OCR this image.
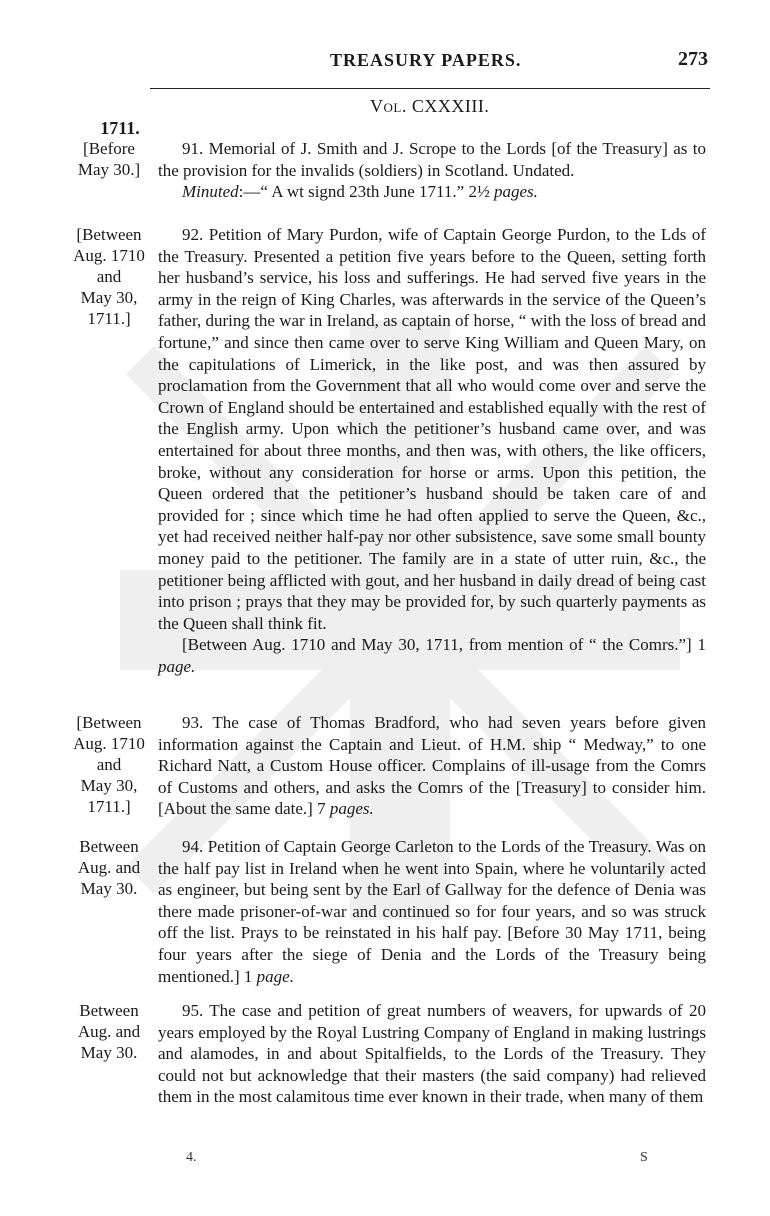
TREASURY PAPERS.	273
Vol. CXXXIII.
1711.
[Before
May 30.]

91. Memorial of J. Smith and J. Scrope to the Lords [of the Treasury] as to the provision for the invalids (soldiers) in Scotland. Undated.

Minuted:—“ A wt signd 23th June 1711.” 2½ pages.

[Between
Aug. 1710
and
May 30,
1711.]

92. Petition of Mary Purdon, wife of Captain George Purdon, to the Lds of the Treasury. Presented a petition five years before to the Queen, setting forth her husband’s service, his loss and sufferings. He had served five years in the army in the reign of King Charles, was afterwards in the service of the Queen’s father, during the war in Ireland, as captain of horse, “ with the loss of bread and fortune,” and since then came over to serve King William and Queen Mary, on the capitulations of Limerick, in the like post, and was then assured by proclamation from the Government that all who would come over and serve the Crown of England should be entertained and established equally with the rest of the English army. Upon which the petitioner’s husband came over, and was entertained for about three months, and then was, with others, the like officers, broke, without any consideration for horse or arms. Upon this petition, the Queen ordered that the petitioner’s husband should be taken care of and provided for ; since which time he had often applied to serve the Queen, &c., yet had received neither half-pay nor other subsistence, save some small bounty money paid to the petitioner. The family are in a state of utter ruin, &c., the petitioner being afflicted with gout, and her husband in daily dread of being cast into prison ; prays that they may be provided for, by such quarterly payments as the Queen shall think fit.

[Between Aug. 1710 and May 30, 1711, from mention of “ the Comrs.”] 1 page.

[Between
Aug. 1710
and
May 30,
1711.]

93. The case of Thomas Bradford, who had seven years before given information against the Captain and Lieut. of H.M. ship “ Medway,” to one Richard Natt, a Custom House officer. Complains of ill-usage from the Comrs of Customs and others, and asks the Comrs of the [Treasury] to consider him. [About the same date.] 7 pages.

Between
Aug. and
May 30.

94. Petition of Captain George Carleton to the Lords of the Treasury. Was on the half pay list in Ireland when he went into Spain, where he voluntarily acted as engineer, but being sent by the Earl of Gallway for the defence of Denia was there made prisoner-of-war and continued so for four years, and so was struck off the list. Prays to be reinstated in his half pay. [Before 30 May 1711, being four years after the siege of Denia and the Lords of the Treasury being mentioned.] 1 page.

Between
Aug. and
May 30.

95. The case and petition of great numbers of weavers, for upwards of 20 years employed by the Royal Lustring Company of England in making lustrings and alamodes, in and about Spitalfields, to the Lords of the Treasury. They could not but acknowledge that their masters (the said company) had relieved them in the most calamitous time ever known in their trade, when many of them

4.	S
